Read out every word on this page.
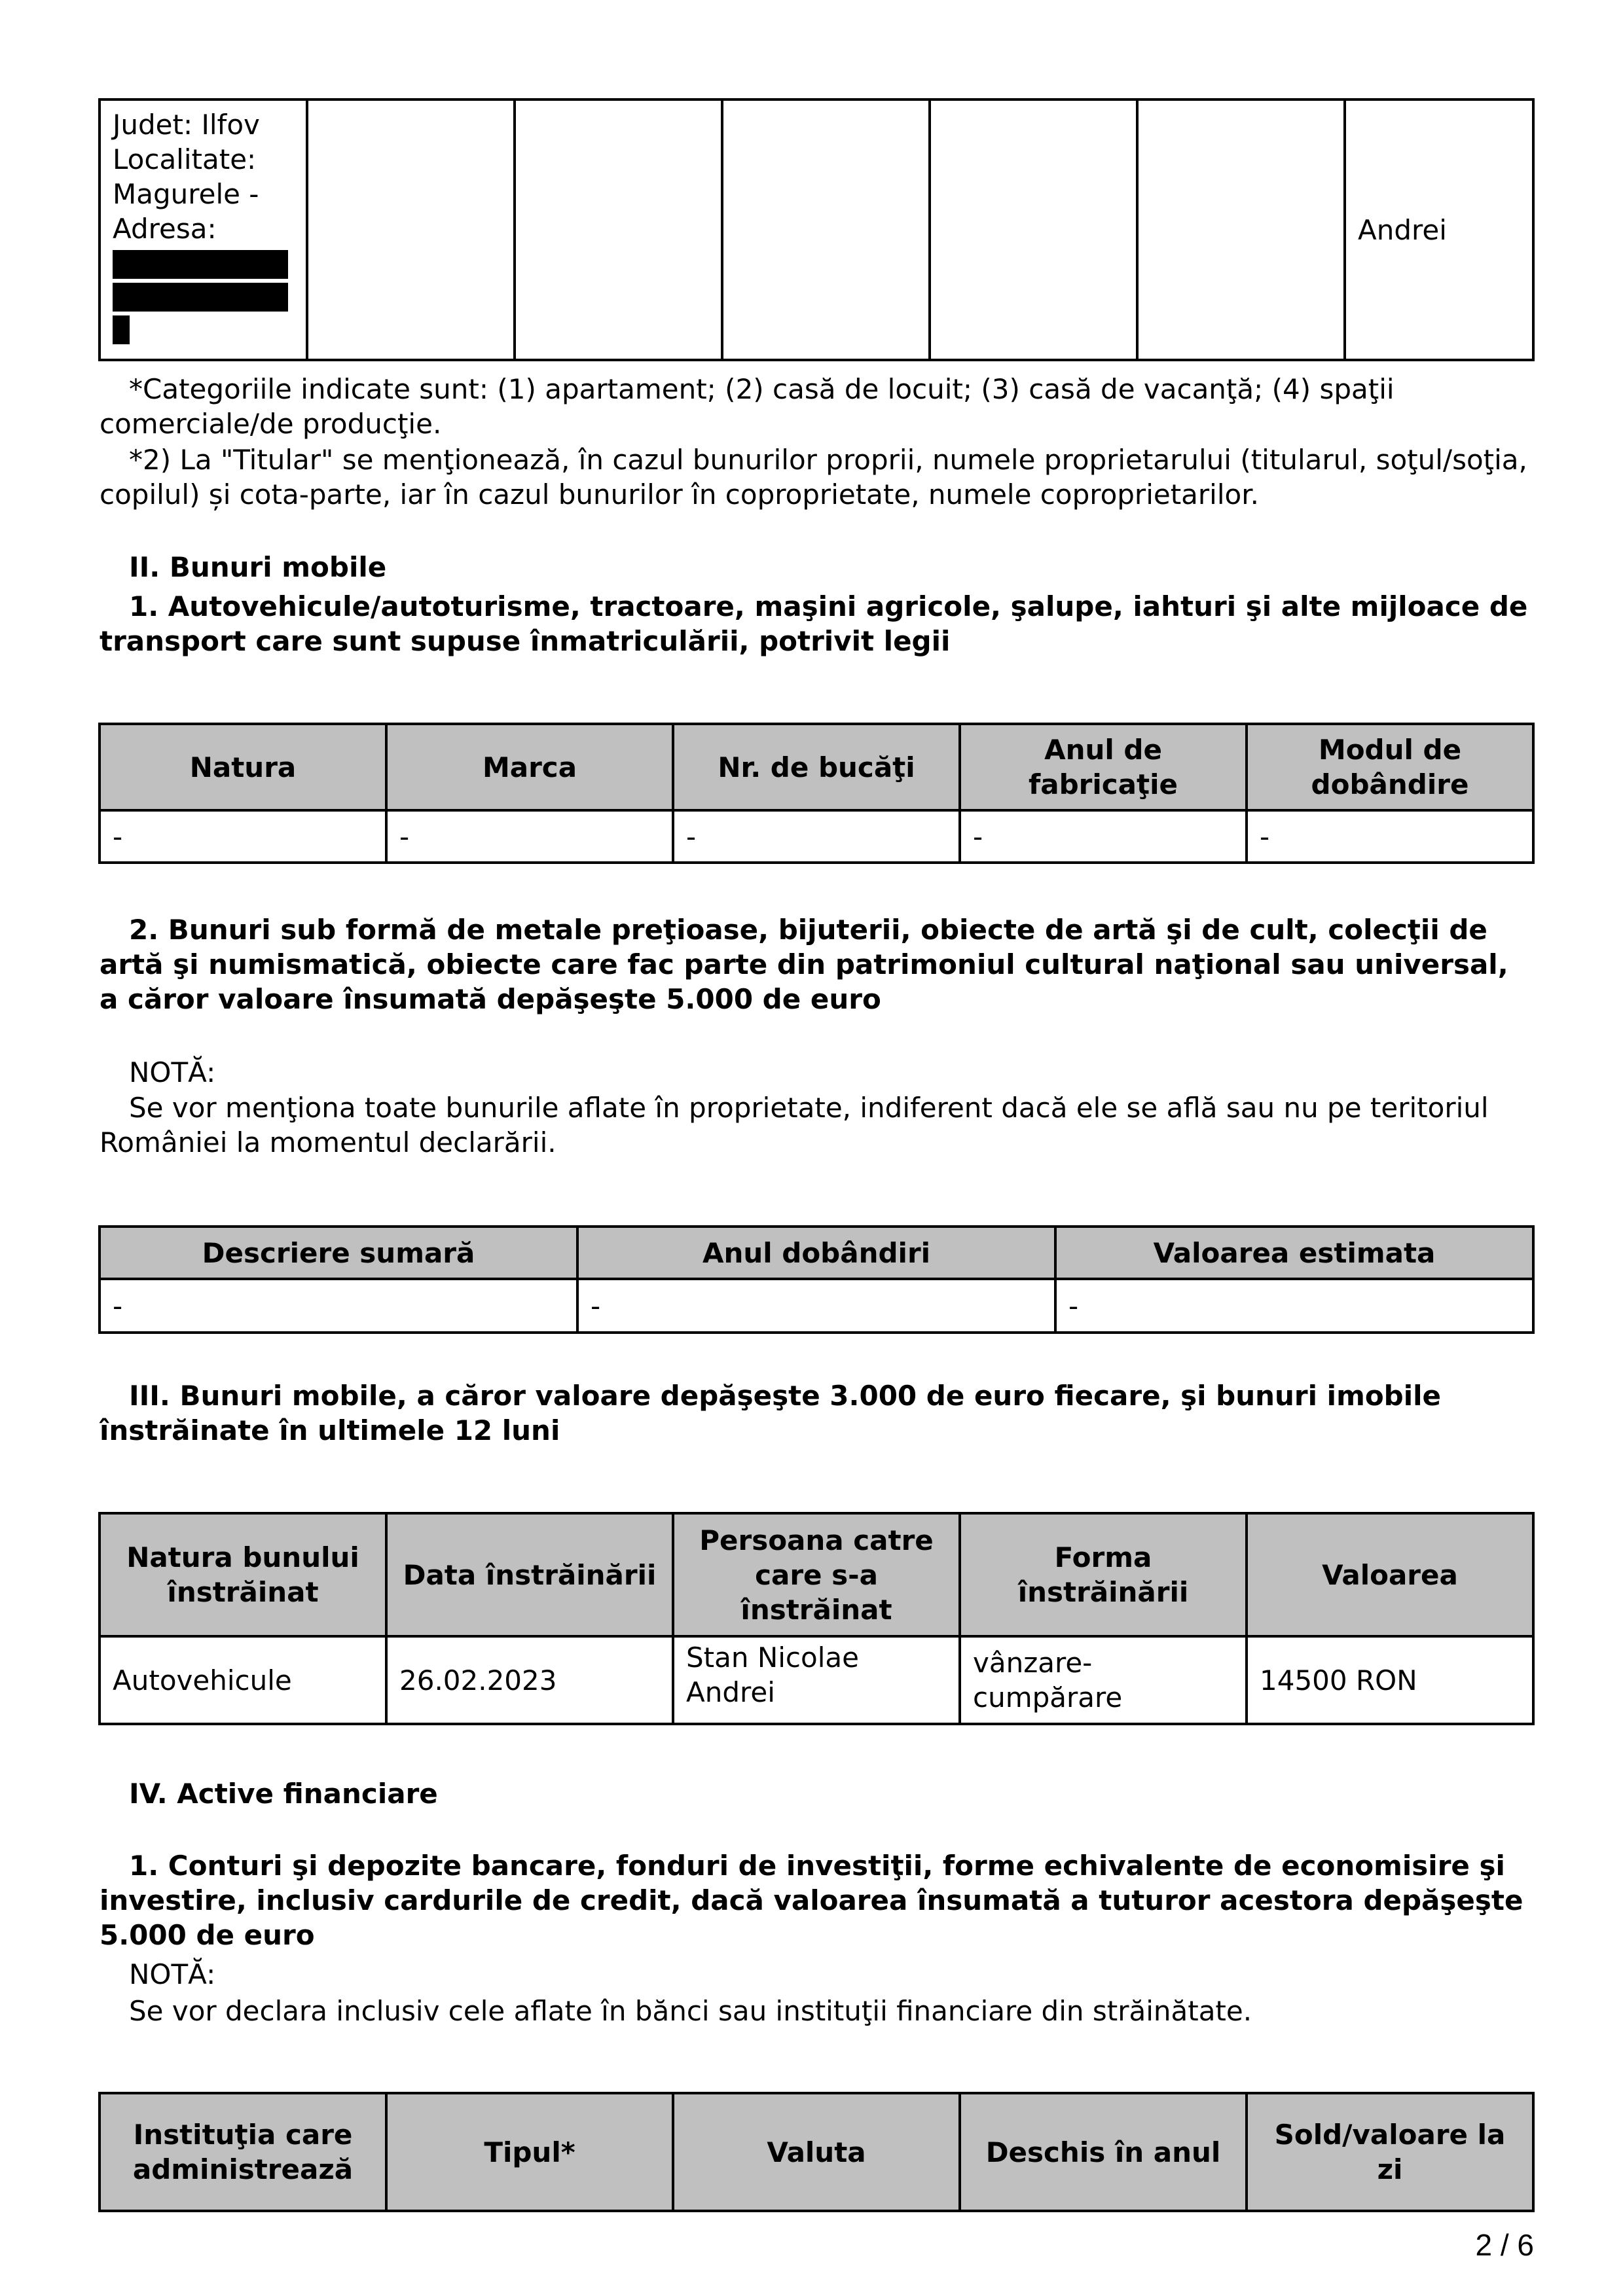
Judet: Ilfov
Localitate:
Magurele -
Adresa:						Andrei

*Categoriile indicate sunt: (1) apartament; (2) casă de locuit; (3) casă de vacanţă; (4) spaţii comerciale/de producţie.

*2) La "Titular" se menţionează, în cazul bunurilor proprii, numele proprietarului (titularul, soţul/soţia, copilul) și cota-parte, iar în cazul bunurilor în coproprietate, numele coproprietarilor.

II. Bunuri mobile

1. Autovehicule/autoturisme, tractoare, maşini agricole, şalupe, iahturi şi alte mijloace de transport care sunt supuse înmatriculării, potrivit legii

Natura	Marca	Nr. de bucăţi	Anul de fabricaţie	Modul de dobândire
-	-	-	-	-

2. Bunuri sub formă de metale preţioase, bijuterii, obiecte de artă şi de cult, colecţii de artă şi numismatică, obiecte care fac parte din patrimoniul cultural naţional sau universal, a căror valoare însumată depăşeşte 5.000 de euro

NOTĂ:

Se vor menţiona toate bunurile aflate în proprietate, indiferent dacă ele se află sau nu pe teritoriul României la momentul declarării.

Descriere sumară	Anul dobândiri	Valoarea estimata
-	-	-

III. Bunuri mobile, a căror valoare depăşeşte 3.000 de euro fiecare, şi bunuri imobile înstrăinate în ultimele 12 luni

Natura bunului înstrăinat	Data înstrăinării	Persoana catre care s-a înstrăinat	Forma înstrăinării	Valoarea
Autovehicule	26.02.2023	Stan Nicolae Andrei	vânzare-cumpărare	14500 RON

IV. Active financiare

1. Conturi şi depozite bancare, fonduri de investiţii, forme echivalente de economisire şi investire, inclusiv cardurile de credit, dacă valoarea însumată a tuturor acestora depăşeşte 5.000 de euro

NOTĂ:

Se vor declara inclusiv cele aflate în bănci sau instituţii financiare din străinătate.

Instituţia care administrează	Tipul*	Valuta	Deschis în anul	Sold/valoare la zi
2 / 6
